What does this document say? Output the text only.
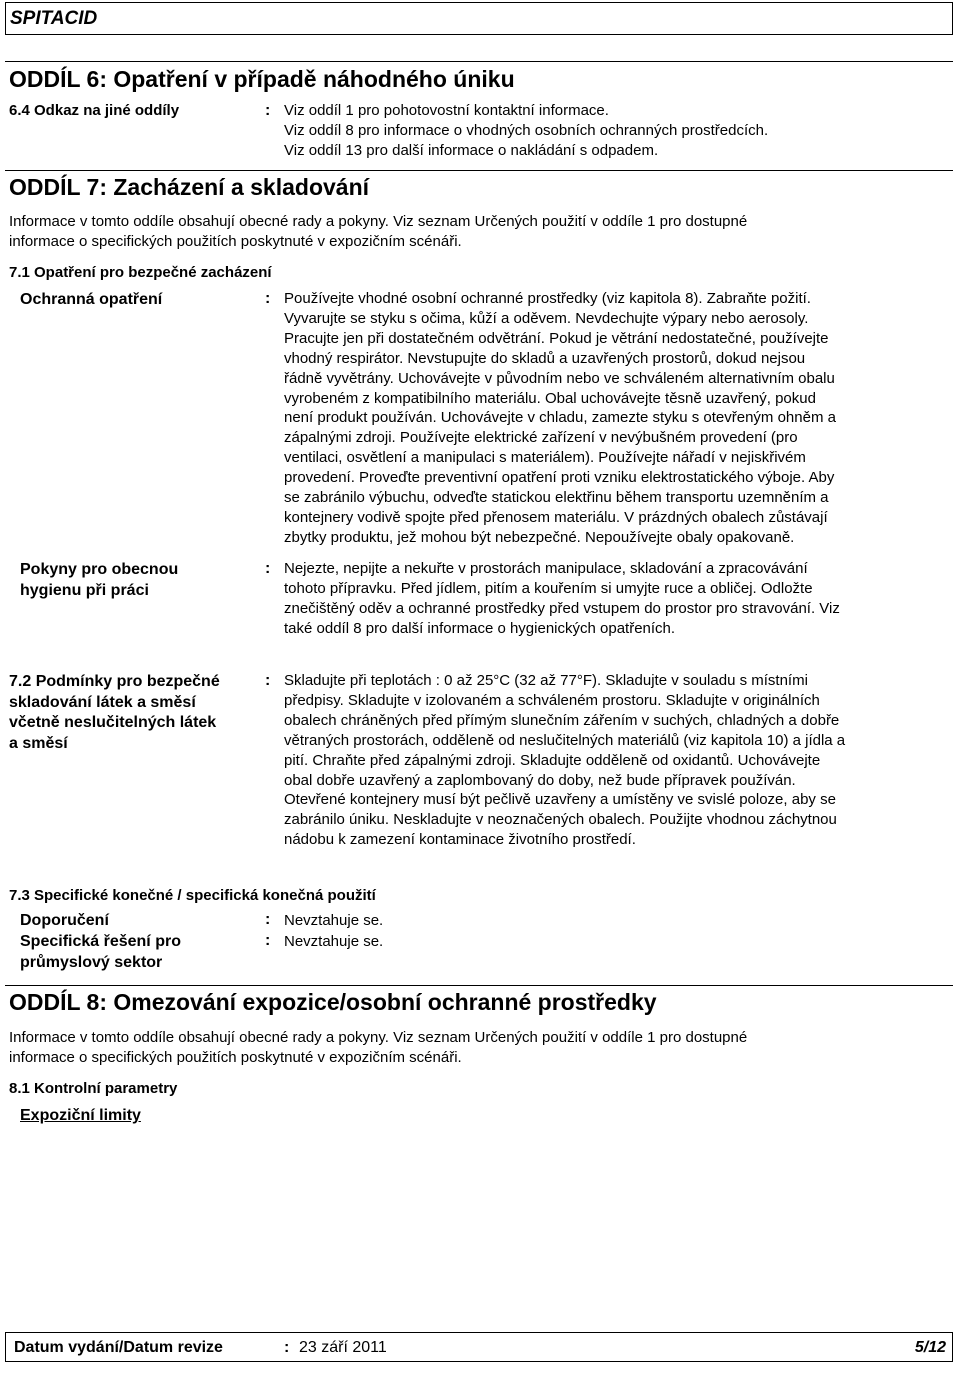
SPITACID
ODDÍL 6: Opatření v případě náhodného úniku
6.4 Odkaz na jiné oddíly	: Viz oddíl 1 pro pohotovostní kontaktní informace.

Viz oddíl 8 pro informace o vhodných osobních ochranných prostředcích.

Viz oddíl 13 pro další informace o nakládání s odpadem.

ODDÍL 7: Zacházení a skladování

Informace v tomto oddíle obsahují obecné rady a pokyny. Viz seznam Určených použití v oddíle 1 pro dostupné

informace o specifických použitích poskytnuté v expozičním scénáři.

7.1 Opatření pro bezpečné zacházení
Ochranná opatření	: Používejte vhodné osobní ochranné prostředky (viz kapitola 8). Zabraňte požití.

Vyvarujte se styku s očima, kůží a oděvem. Nevdechujte výpary nebo aerosoly.

Pracujte jen při dostatečném odvětrání. Pokud je větrání nedostatečné, používejte

vhodný respirátor. Nevstupujte do skladů a uzavřených prostorů, dokud nejsou

řádně vyvětrány. Uchovávejte v původním nebo ve schváleném alternativním obalu

vyrobeném z kompatibilního materiálu. Obal uchovávejte těsně uzavřený, pokud

není produkt používán. Uchovávejte v chladu, zamezte styku s otevřeným ohněm a

zápalnými zdroji. Používejte elektrické zařízení v nevýbušném provedení (pro

ventilaci, osvětlení a manipulaci s materiálem). Používejte nářadí v nejiskřivém

provedení. Proveďte preventivní opatření proti vzniku elektrostatického výboje. Aby

se zabránilo výbuchu, odveďte statickou elektřinu během transportu uzemněním a

kontejnery vodivě spojte před přenosem materiálu. V prázdných obalech zůstávají

zbytky produktu, jež mohou být nebezpečné. Nepoužívejte obaly opakovaně.

Pokyny pro obecnou

hygienu při práci

: Nejezte, nepijte a nekuřte v prostorách manipulace, skladování a zpracovávání

tohoto přípravku. Před jídlem, pitím a kouřením si umyjte ruce a obličej. Odložte

znečištěný oděv a ochranné prostředky před vstupem do prostor pro stravování. Viz

také oddíl 8 pro další informace o hygienických opatřeních.

7.2 Podmínky pro bezpečné

skladování látek a směsí

včetně neslučitelných látek

a směsí

: Skladujte při teplotách : 0 až 25°C (32 až 77°F). Skladujte v souladu s místními

předpisy. Skladujte v izolovaném a schváleném prostoru. Skladujte v originálních

obalech chráněných před přímým slunečním zářením v suchých, chladných a dobře

větraných prostorách, odděleně od neslučitelných materiálů (viz kapitola 10) a jídla a

pití. Chraňte před zápalnými zdroji. Skladujte odděleně od oxidantů. Uchovávejte

obal dobře uzavřený a zaplombovaný do doby, než bude přípravek používán.

Otevřené kontejnery musí být pečlivě uzavřeny a umístěny ve svislé poloze, aby se

zabránilo úniku. Neskladujte v neoznačených obalech. Použijte vhodnou záchytnou

nádobu k zamezení kontaminace životního prostředí.

7.3 Specifické konečné / specifická konečná použití
Doporučení	: Nevztahuje se.

Specifická řešení pro

průmyslový sektor

: Nevztahuje se.
ODDÍL 8: Omezování expozice/osobní ochranné prostředky

Informace v tomto oddíle obsahují obecné rady a pokyny. Viz seznam Určených použití v oddíle 1 pro dostupné

informace o specifických použitích poskytnuté v expozičním scénáři.

8.1 Kontrolní parametry
Expoziční limity
Datum vydání/Datum revize	: 23 září 2011	5/12
